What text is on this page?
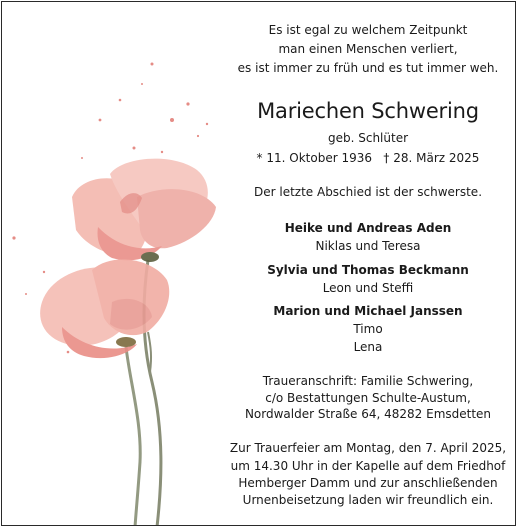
Es ist egal zu welchem Zeitpunkt
man einen Menschen verliert,
es ist immer zu früh und es tut immer weh.
Mariechen Schwering
geb. Schlüter
* 11. Oktober 1936   † 28. März 2025
Der letzte Abschied ist der schwerste.
Heike und Andreas Aden
Niklas und Teresa
Sylvia und Thomas Beckmann
Leon und Steffi
Marion und Michael Janssen
Timo
Lena
Traueranschrift: Familie Schwering,
c/o Bestattungen Schulte-Austum,
Nordwalder Straße 64, 48282 Emsdetten
Zur Trauerfeier am Montag, den 7. April 2025,
um 14.30 Uhr in der Kapelle auf dem Friedhof
Hemberger Damm und zur anschließenden
Urnenbeisetzung laden wir freundlich ein.
